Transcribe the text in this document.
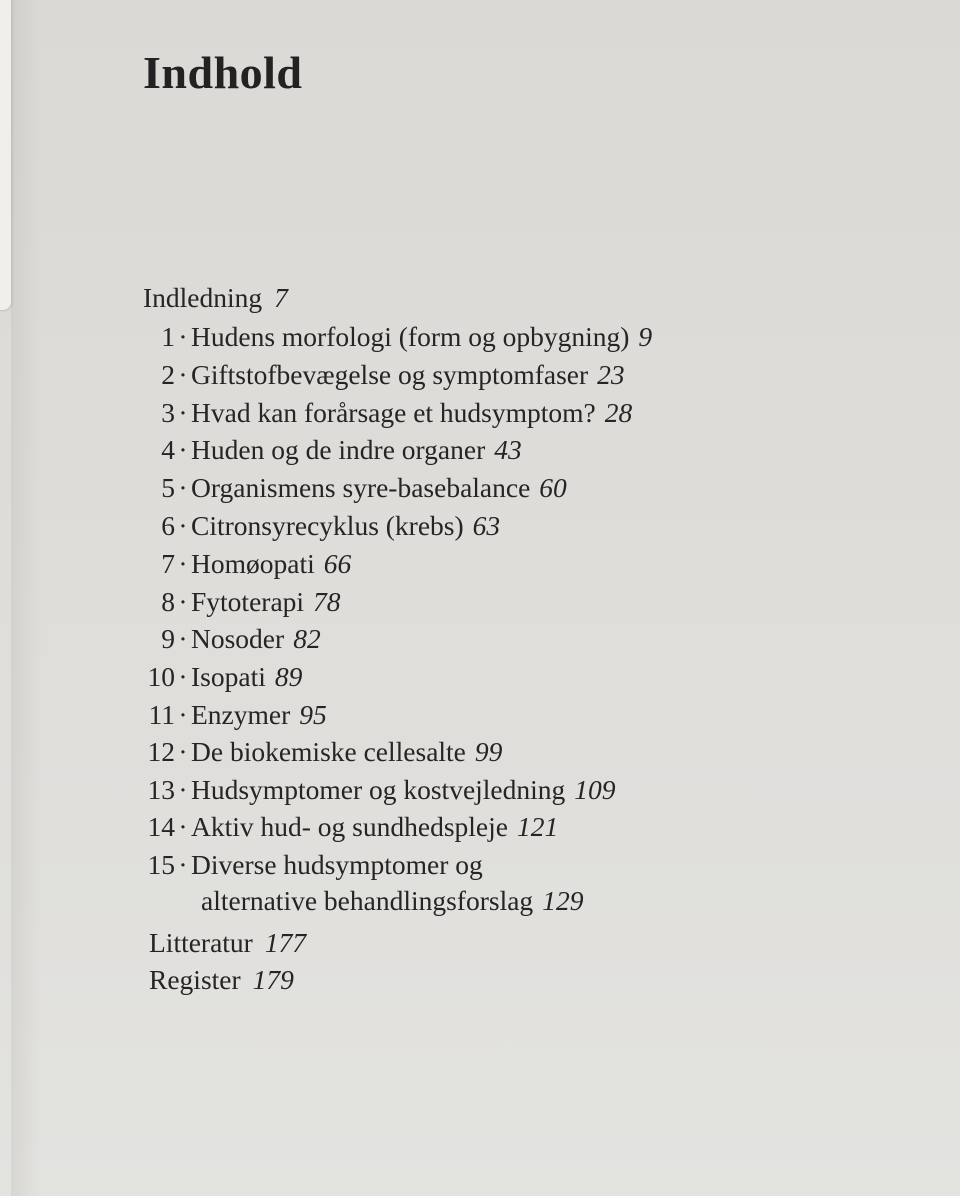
Indhold
Indledning 7
1 · Hudens morfologi (form og opbygning) 9
2 · Giftstofbevægelse og symptomfaser 23
3 · Hvad kan forårsage et hudsymptom? 28
4 · Huden og de indre organer 43
5 · Organismens syre-basebalance 60
6 · Citronsyrecyklus (krebs) 63
7 · Homøopati 66
8 · Fytoterapi 78
9 · Nosoder 82
10 · Isopati 89
11 · Enzymer 95
12 · De biokemiske cellesalte 99
13 · Hudsymptomer og kostvejledning 109
14 · Aktiv hud- og sundhedspleje 121
15 · Diverse hudsymptomer og
alternative behandlingsforslag 129
Litteratur 177
Register 179
